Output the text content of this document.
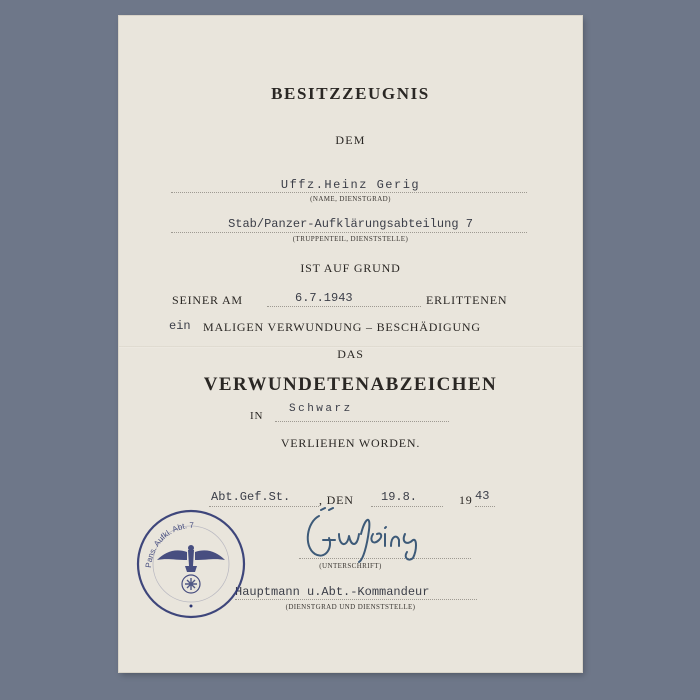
BESITZZEUGNIS
DEM
Uffz.Heinz Gerig
(NAME, DIENSTGRAD)
Stab/Panzer-Aufklärungsabteilung 7
(TRUPPENTEIL, DIENSTSTELLE)
IST AUF GRUND
SEINER AM	6.7.1943	ERLITTENEN
ein MALIGEN VERWUNDUNG – BESCHÄDIGUNG
DAS
VERWUNDETENABZEICHEN
IN
Schwarz
VERLIEHEN WORDEN.
Abt.Gef.St. , DEN 19.8.	19 43
(UNTERSCHRIFT)
Hauptmann u.Abt.-Kommandeur
(DIENSTGRAD UND DIENSTSTELLE)
Pans. Aufkl. Abt. 7
